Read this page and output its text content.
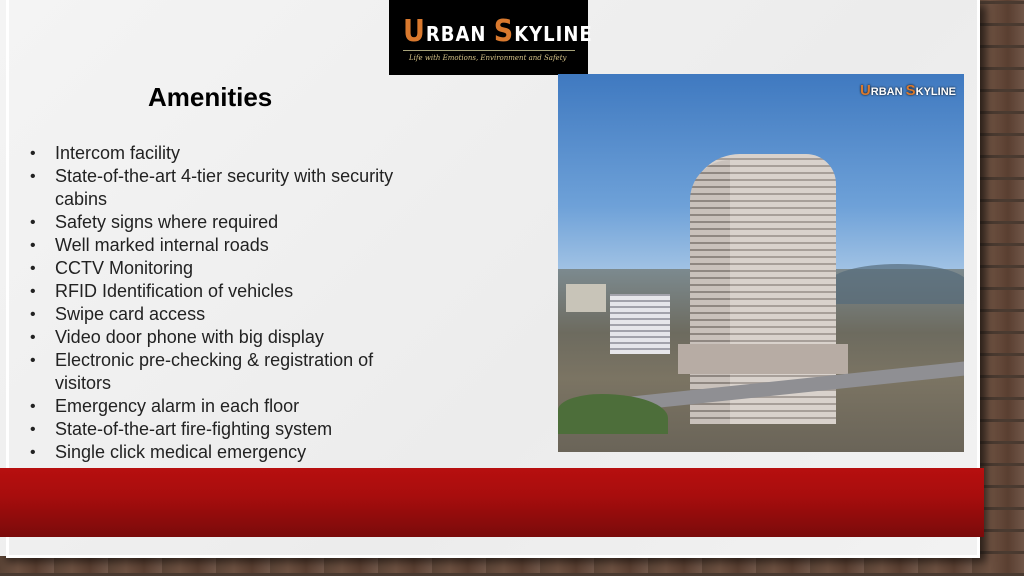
URBAN SKYLINE
Life with Emotions, Environment and Safety
Amenities
• Intercom facility
• State-of-the-art 4-tier security with security cabins
• Safety signs where required
• Well marked internal roads
• CCTV Monitoring
• RFID Identification of vehicles
• Swipe card access
• Video door phone with big display
• Electronic pre-checking & registration of visitors
• Emergency alarm in each floor
• State-of-the-art fire-fighting system
• Single click medical emergency
URBAN SKYLINE
